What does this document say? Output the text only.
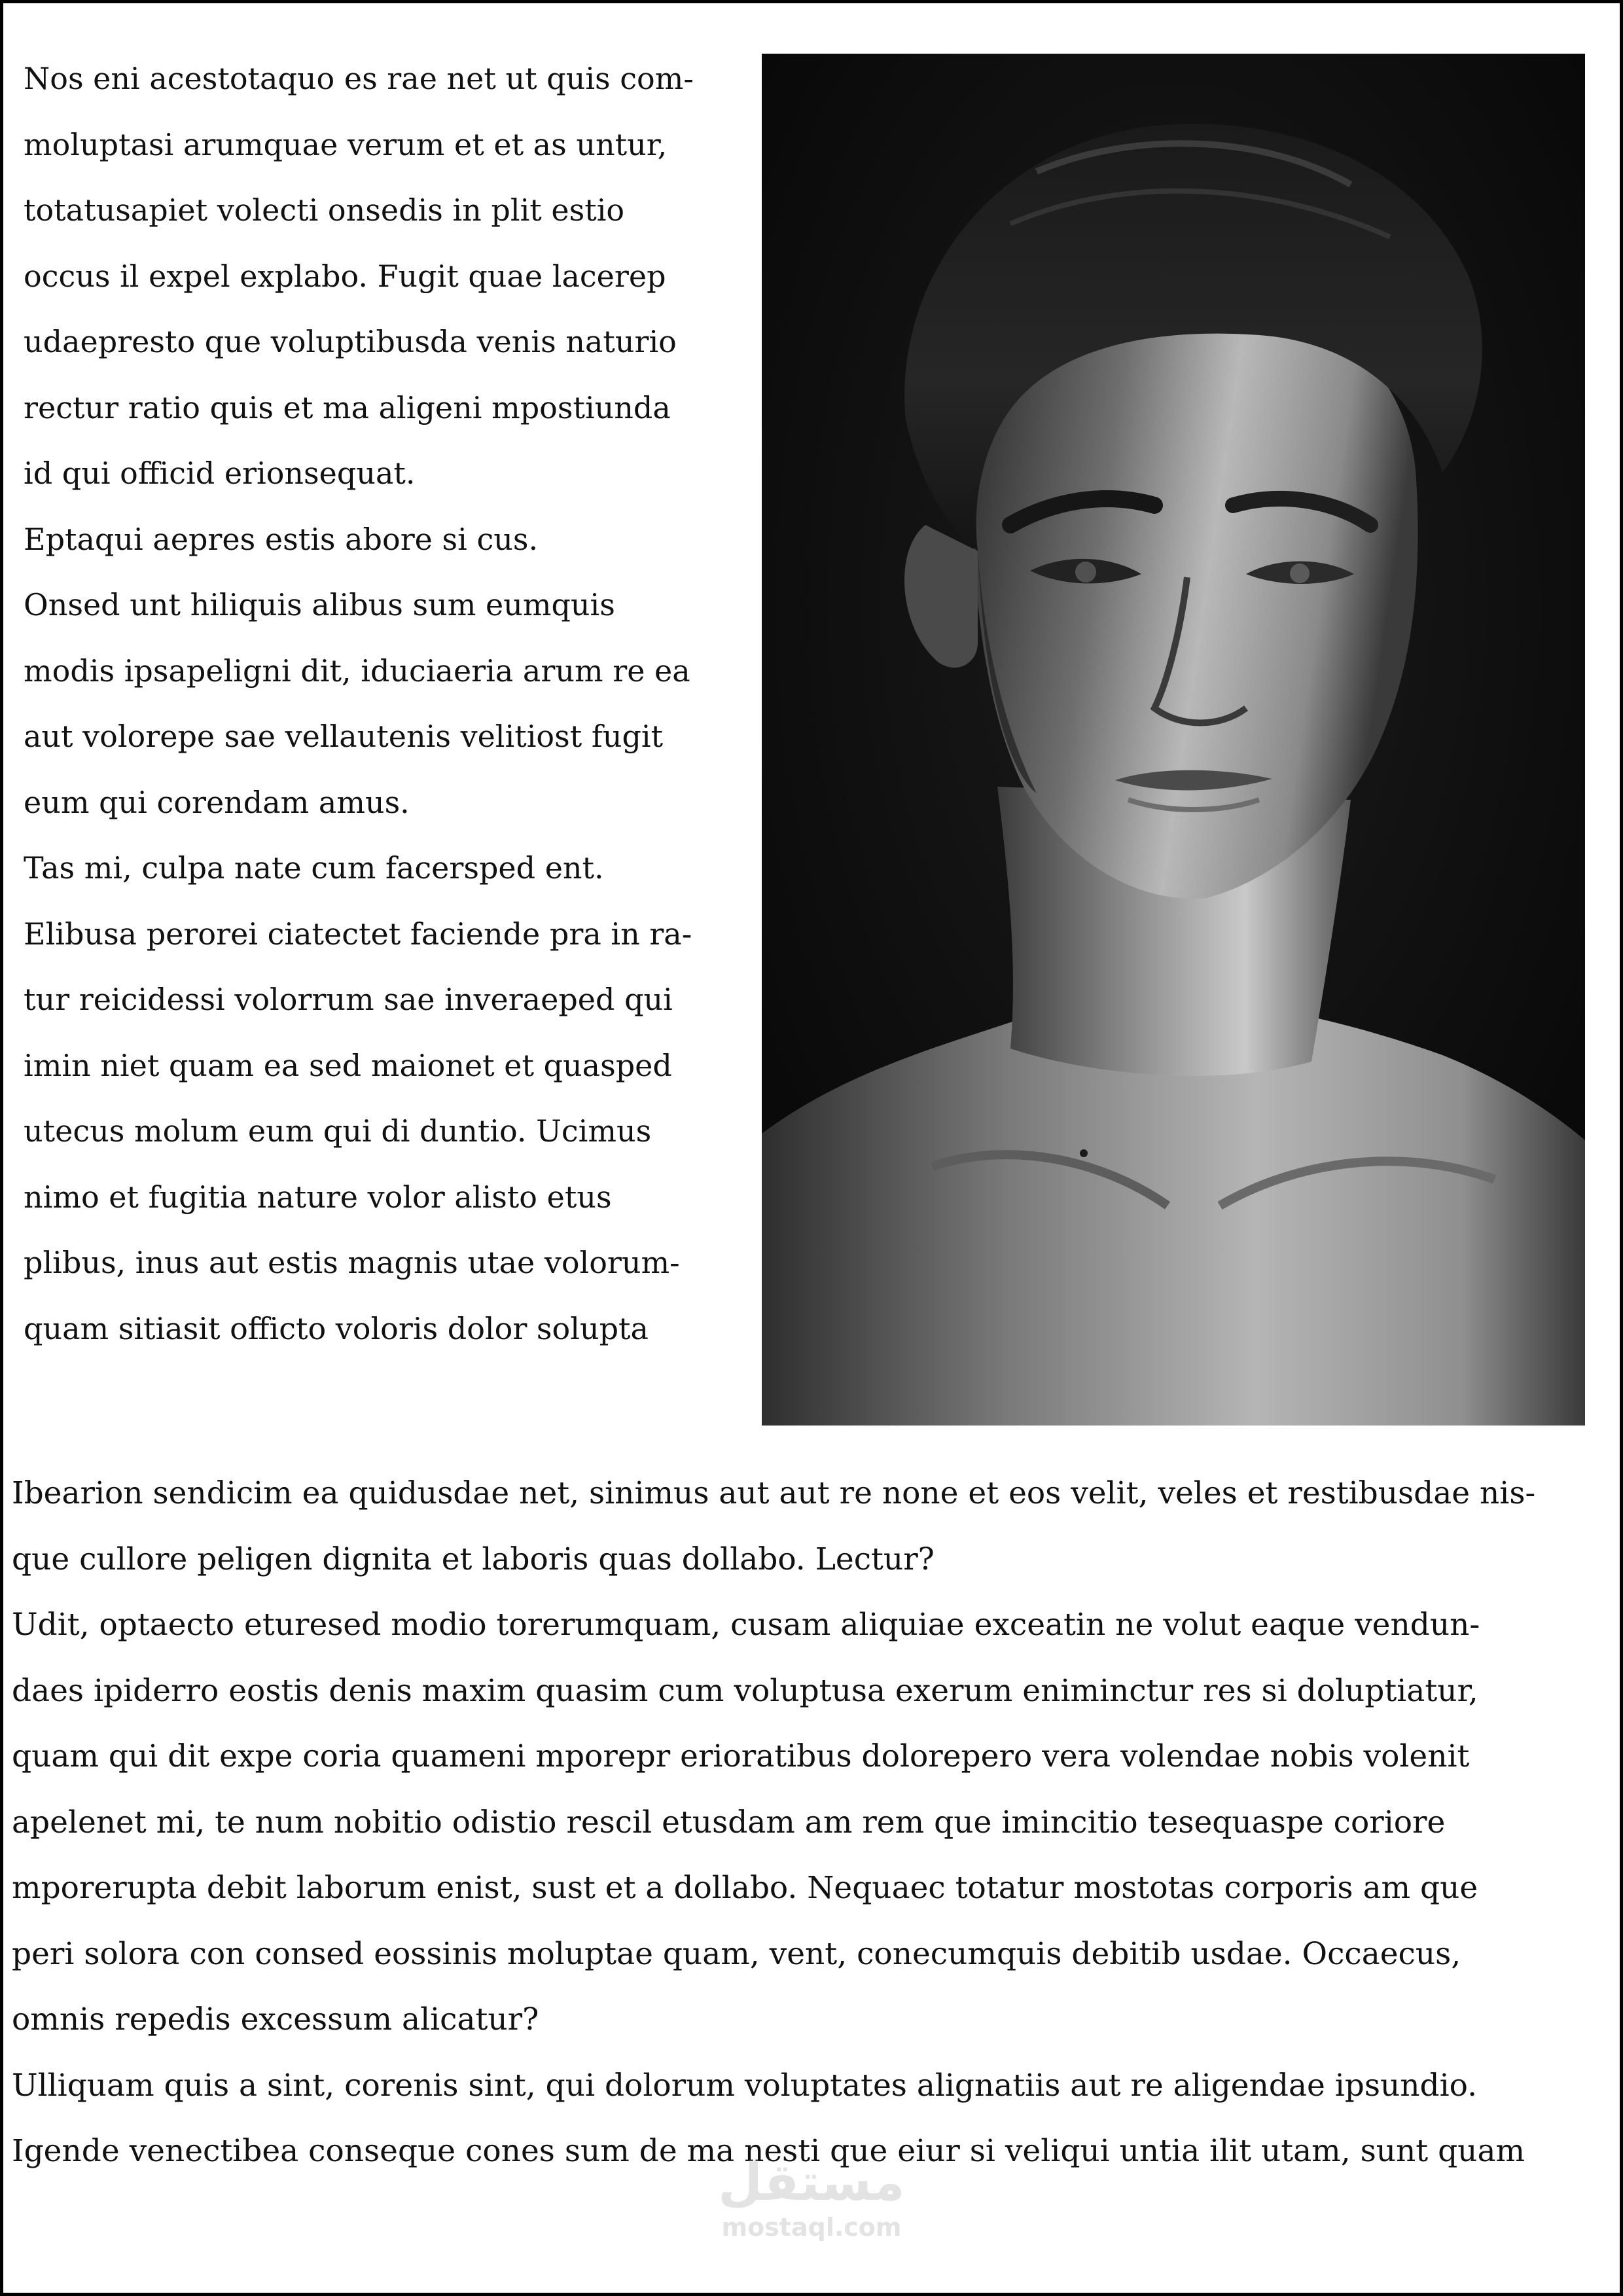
Nos eni acestotaquo es rae net ut quis com-
moluptasi arumquae verum et et as untur,
totatusapiet volecti onsedis in plit estio
occus il expel explabo. Fugit quae lacerep
udaepresto que voluptibusda venis naturio
rectur ratio quis et ma aligeni mpostiunda
id qui officid erionsequat.
Eptaqui aepres estis abore si cus.
Onsed unt hiliquis alibus sum eumquis
modis ipsapeligni dit, iduciaeria arum re ea
aut volorepe sae vellautenis velitiost fugit
eum qui corendam amus.
Tas mi, culpa nate cum facersped ent.
Elibusa perorei ciatectet faciende pra in ra-
tur reicidessi volorrum sae inveraeped qui
imin niet quam ea sed maionet et quasped
utecus molum eum qui di duntio. Ucimus
nimo et fugitia nature volor alisto etus
plibus, inus aut estis magnis utae volorum-
quam sitiasit officto voloris dolor solupta
Ibearion sendicim ea quidusdae net, sinimus aut aut re none et eos velit, veles et restibusdae nis-
que cullore peligen dignita et laboris quas dollabo. Lectur?
Udit, optaecto eturesed modio torerumquam, cusam aliquiae exceatin ne volut eaque vendun-
daes ipiderro eostis denis maxim quasim cum voluptusa exerum eniminctur res si doluptiatur,
quam qui dit expe coria quameni mporepr erioratibus dolorepero vera volendae nobis volenit
apelenet mi, te num nobitio odistio rescil etusdam am rem que imincitio tesequaspe coriore
mporerupta debit laborum enist, sust et a dollabo. Nequaec totatur mostotas corporis am que
peri solora con consed eossinis moluptae quam, vent, conecumquis debitib usdae. Occaecus,
omnis repedis excessum alicatur?
Ulliquam quis a sint, corenis sint, qui dolorum voluptates alignatiis aut re aligendae ipsundio.
Igende venectibea conseque cones sum de ma nesti que eiur si veliqui untia ilit utam, sunt quam
مستقل
mostaql.com
